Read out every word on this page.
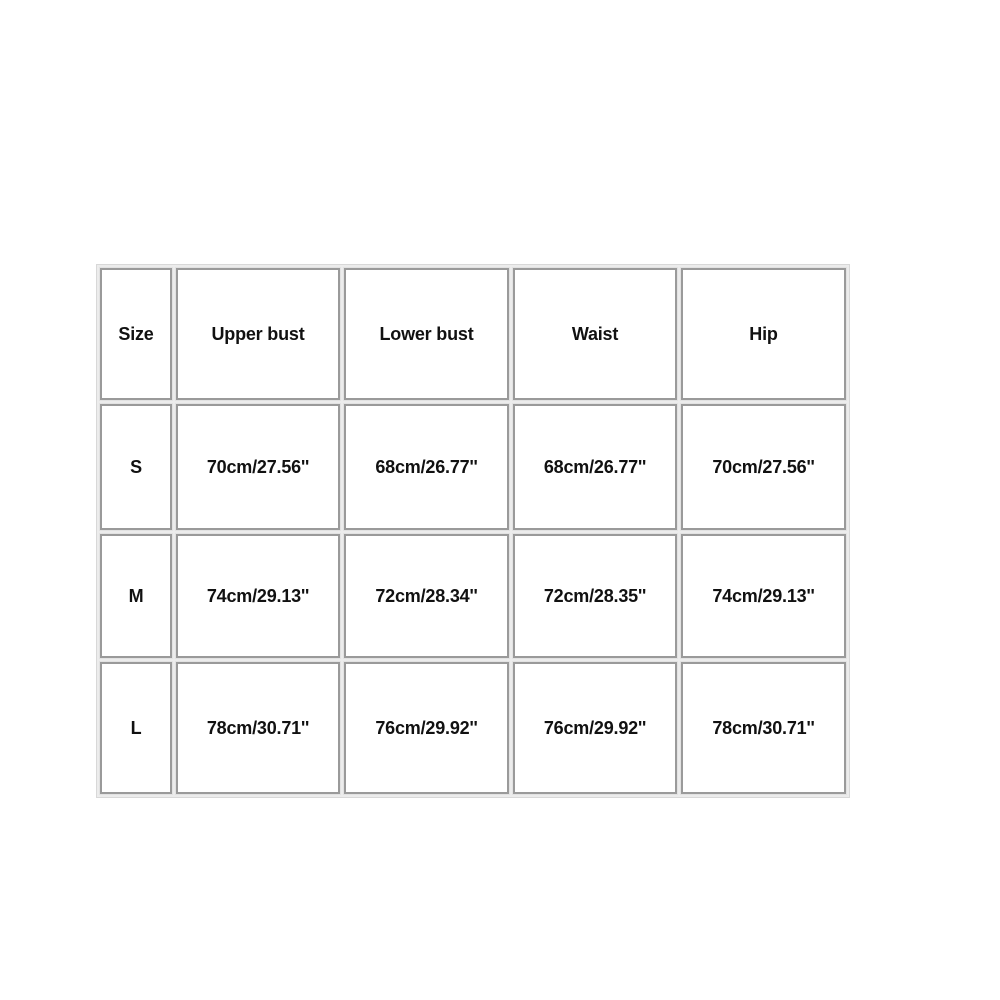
Size	Upper bust	Lower bust	Waist	Hip
S	70cm/27.56''	68cm/26.77''	68cm/26.77''	70cm/27.56''
M	74cm/29.13''	72cm/28.34''	72cm/28.35''	74cm/29.13''
L	78cm/30.71''	76cm/29.92''	76cm/29.92''	78cm/30.71''
